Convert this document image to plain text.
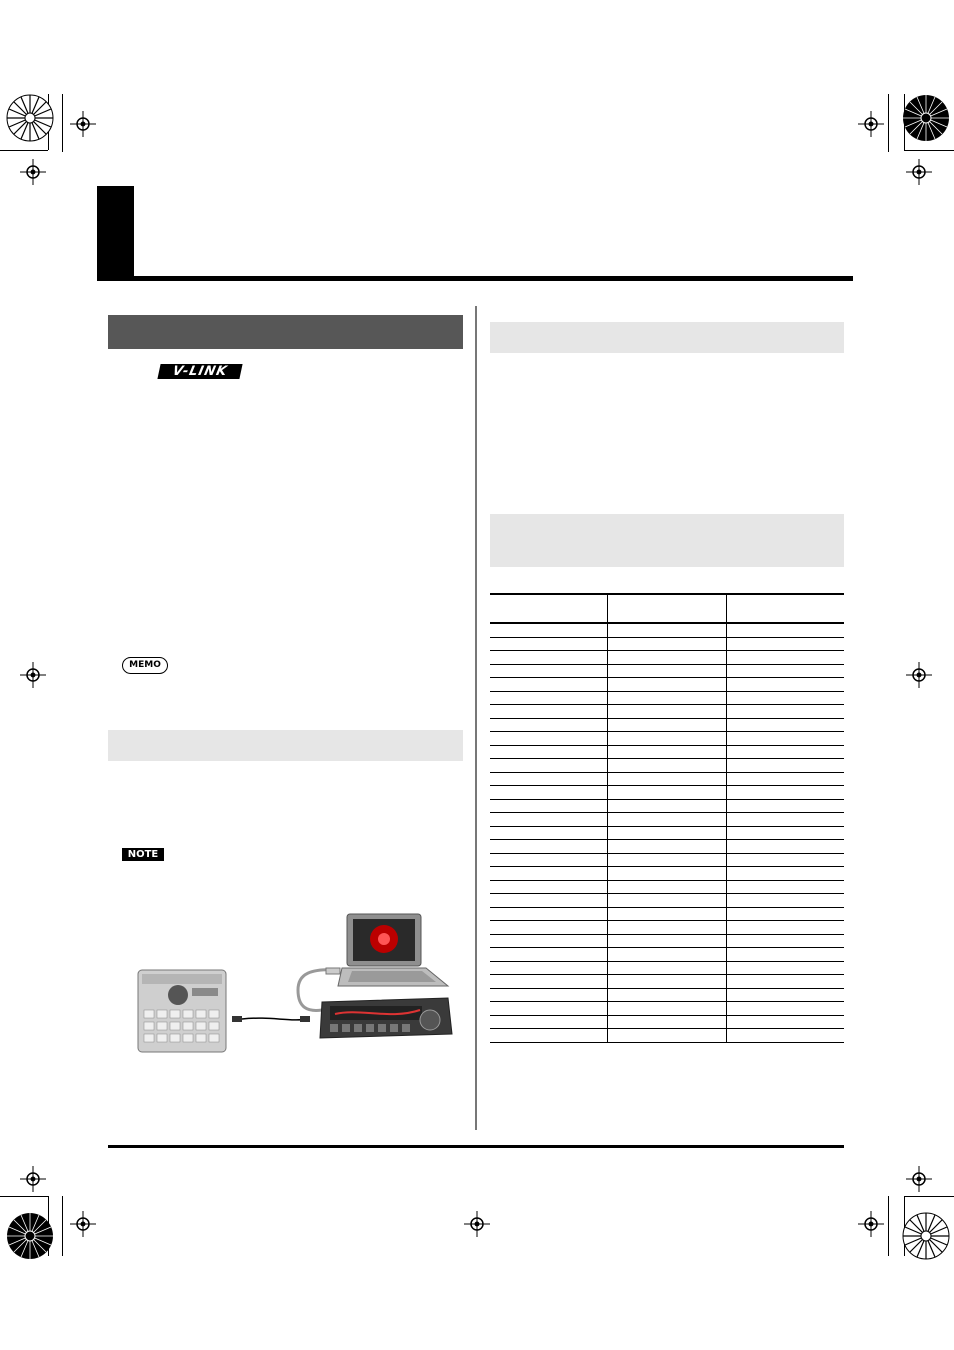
V-LINK
MEMO
NOTE
